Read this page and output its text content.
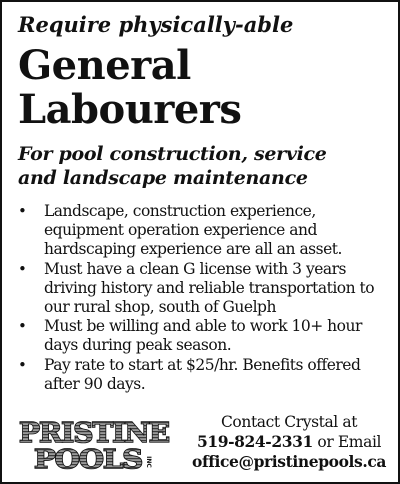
Require physically-able
General
Labourers
For pool construction, service
and landscape maintenance
• Landscape, construction experience, equipment operation experience and hardscaping experience are all an asset.
• Must have a clean G license with 3 years driving history and reliable transportation to our rural shop, south of Guelph
• Must be willing and able to work 10+ hour days during peak season.
• Pay rate to start at $25/hr. Benefits offered after 90 days.
PRISTINE
POOLS INC
Contact Crystal at
519-824-2331 or Email
office@pristinepools.ca
